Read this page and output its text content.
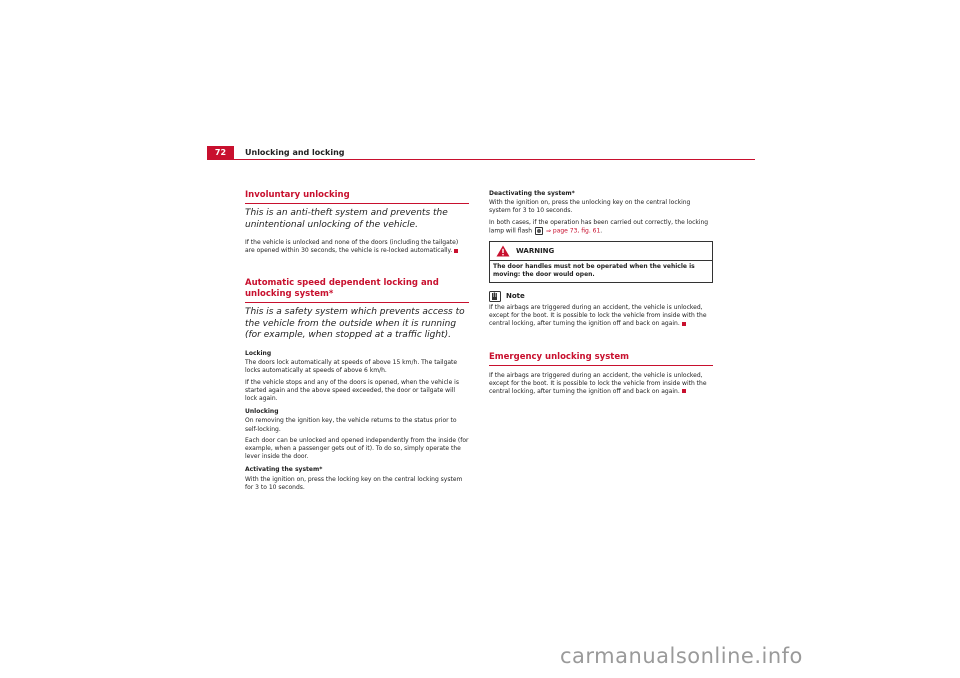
72	Unlocking and locking
Involuntary unlocking

This is an anti-theft system and prevents the unintentional unlocking of the vehicle.

If the vehicle is unlocked and none of the doors (including the tailgate) are opened within 30 seconds, the vehicle is re-locked automatically.

Automatic speed dependent locking and unlocking system*

This is a safety system which prevents access to the vehicle from the outside when it is running (for example, when stopped at a traffic light).

Locking

The doors lock automatically at speeds of above 15 km/h. The tailgate locks automatically at speeds of above 6 km/h.

If the vehicle stops and any of the doors is opened, when the vehicle is started again and the above speed exceeded, the door or tailgate will lock again.

Unlocking

On removing the ignition key, the vehicle returns to the status prior to self-locking.

Each door can be unlocked and opened independently from the inside (for example, when a passenger gets out of it). To do so, simply operate the lever inside the door.

Activating the system*

With the ignition on, press the locking key on the central locking system for 3 to 10 seconds.

Deactivating the system*

With the ignition on, press the unlocking key on the central locking system for 3 to 10 seconds.

In both cases, if the operation has been carried out correctly, the locking lamp will flash ⇒ page 73, fig. 61.

WARNING
The door handles must not be operated when the vehicle is moving: the door would open.
Note

If the airbags are triggered during an accident, the vehicle is unlocked, except for the boot. It is possible to lock the vehicle from inside with the central locking, after turning the ignition off and back on again.

Emergency unlocking system

If the airbags are triggered during an accident, the vehicle is unlocked, except for the boot. It is possible to lock the vehicle from inside with the central locking, after turning the ignition off and back on again.

carmanualsonline.info
